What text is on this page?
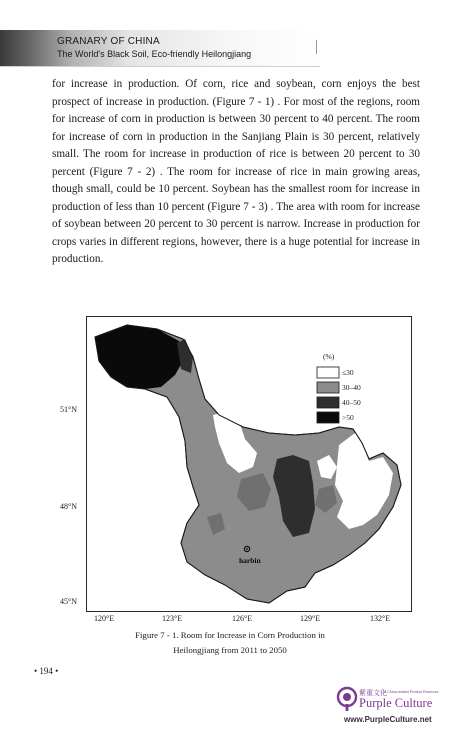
GRANARY OF CHINA
The World's Black Soil, Eco-friendly Heilongjiang
for increase in production. Of corn, rice and soybean, corn enjoys the best prospect of increase in production. (Figure 7 - 1) . For most of the regions, room for increase of corn in production is between 30 percent to 40 percent. The room for increase of corn in production in the Sanjiang Plain is 30 percent, relatively small. The room for increase in production of rice is between 20 percent to 30 percent (Figure 7 - 2) . The room for increase of rice in main growing areas, though small, could be 10 percent. Soybean has the smallest room for increase in production of less than 10 percent (Figure 7 - 3) . The area with room for increase of soybean between 20 percent to 30 percent is narrow. Increase in production for crops varies in different regions, however, there is a huge potential for increase in production.
harbin
(%)
≤30
30–40
40–50
>50
51°N
48°N
45°N
120°E	123°E	126°E	129°E	132°E
Figure 7 - 1. Room for Increase in Corn Production in
Heilongjiang from 2011 to 2050
• 194 •
紫重文化
A China-related Product Resource
Purple Culture
www.PurpleCulture.net
